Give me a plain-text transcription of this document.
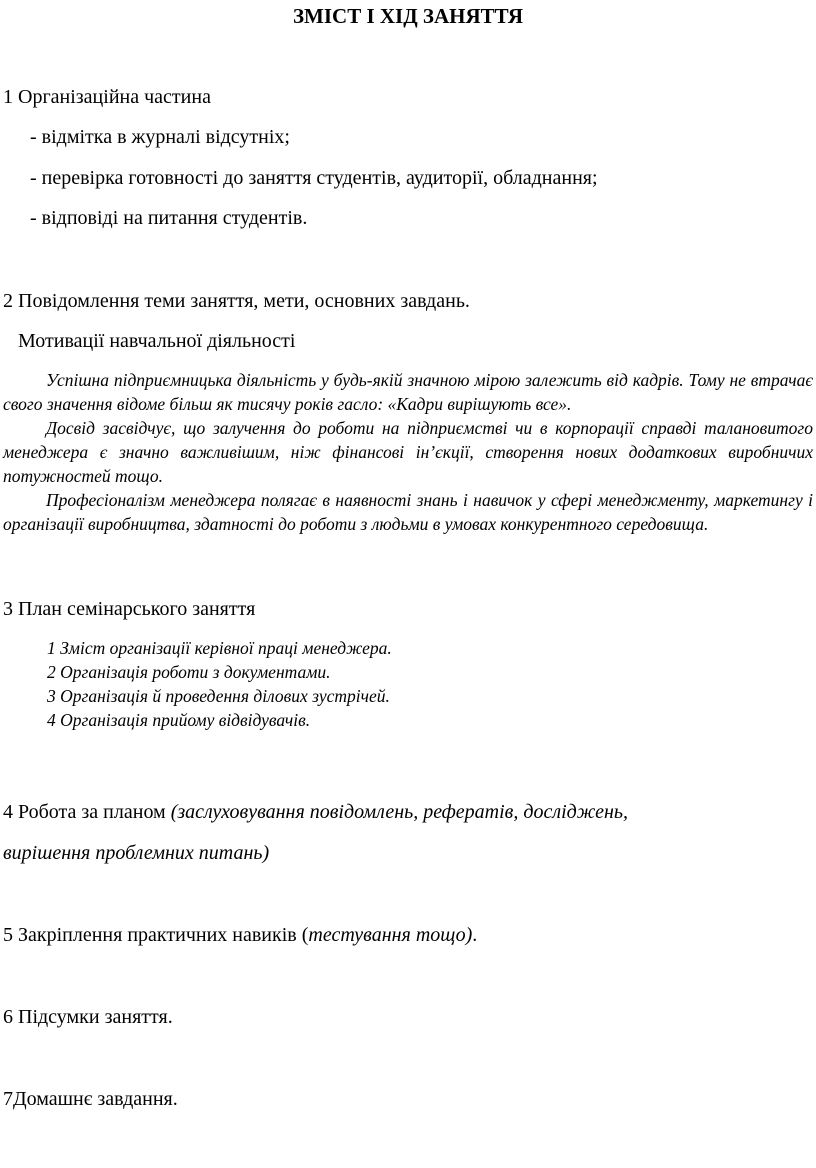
ЗМІСТ І ХІД ЗАНЯТТЯ
1 Організаційна частина
- відмітка в журналі відсутніх;
- перевірка готовності до заняття студентів, аудиторії, обладнання;
- відповіді на питання студентів.
2 Повідомлення теми заняття, мети, основних завдань.
Мотивації навчальної діяльності
Успішна підприємницька діяльність у будь-якій значною мірою залежить від кадрів. Тому не втрачає свого значення відоме більш як тисячу років гасло: «Кадри вирішують все».
Досвід засвідчує, що залучення до роботи на підприємстві чи в корпорації справді талановитого менеджера є значно важливішим, ніж фінансові ін’єкції, створення нових додаткових виробничих потужностей тощо.
Професіоналізм менеджера полягає в наявності знань і навичок у сфері менеджменту, маркетингу і організації виробництва, здатності до роботи з людьми в умовах конкурентного середовища.
3 План семінарського заняття
1 Зміст організації керівної праці менеджера.
2 Організація роботи з документами.
3 Організація й проведення ділових зустрічей.
4 Організація прийому відвідувачів.
4 Робота за планом (заслуховування повідомлень, рефератів, досліджень,
вирішення проблемних питань)
5 Закріплення практичних навиків (тестування тощо).
6 Підсумки заняття.
7Домашнє завдання.
